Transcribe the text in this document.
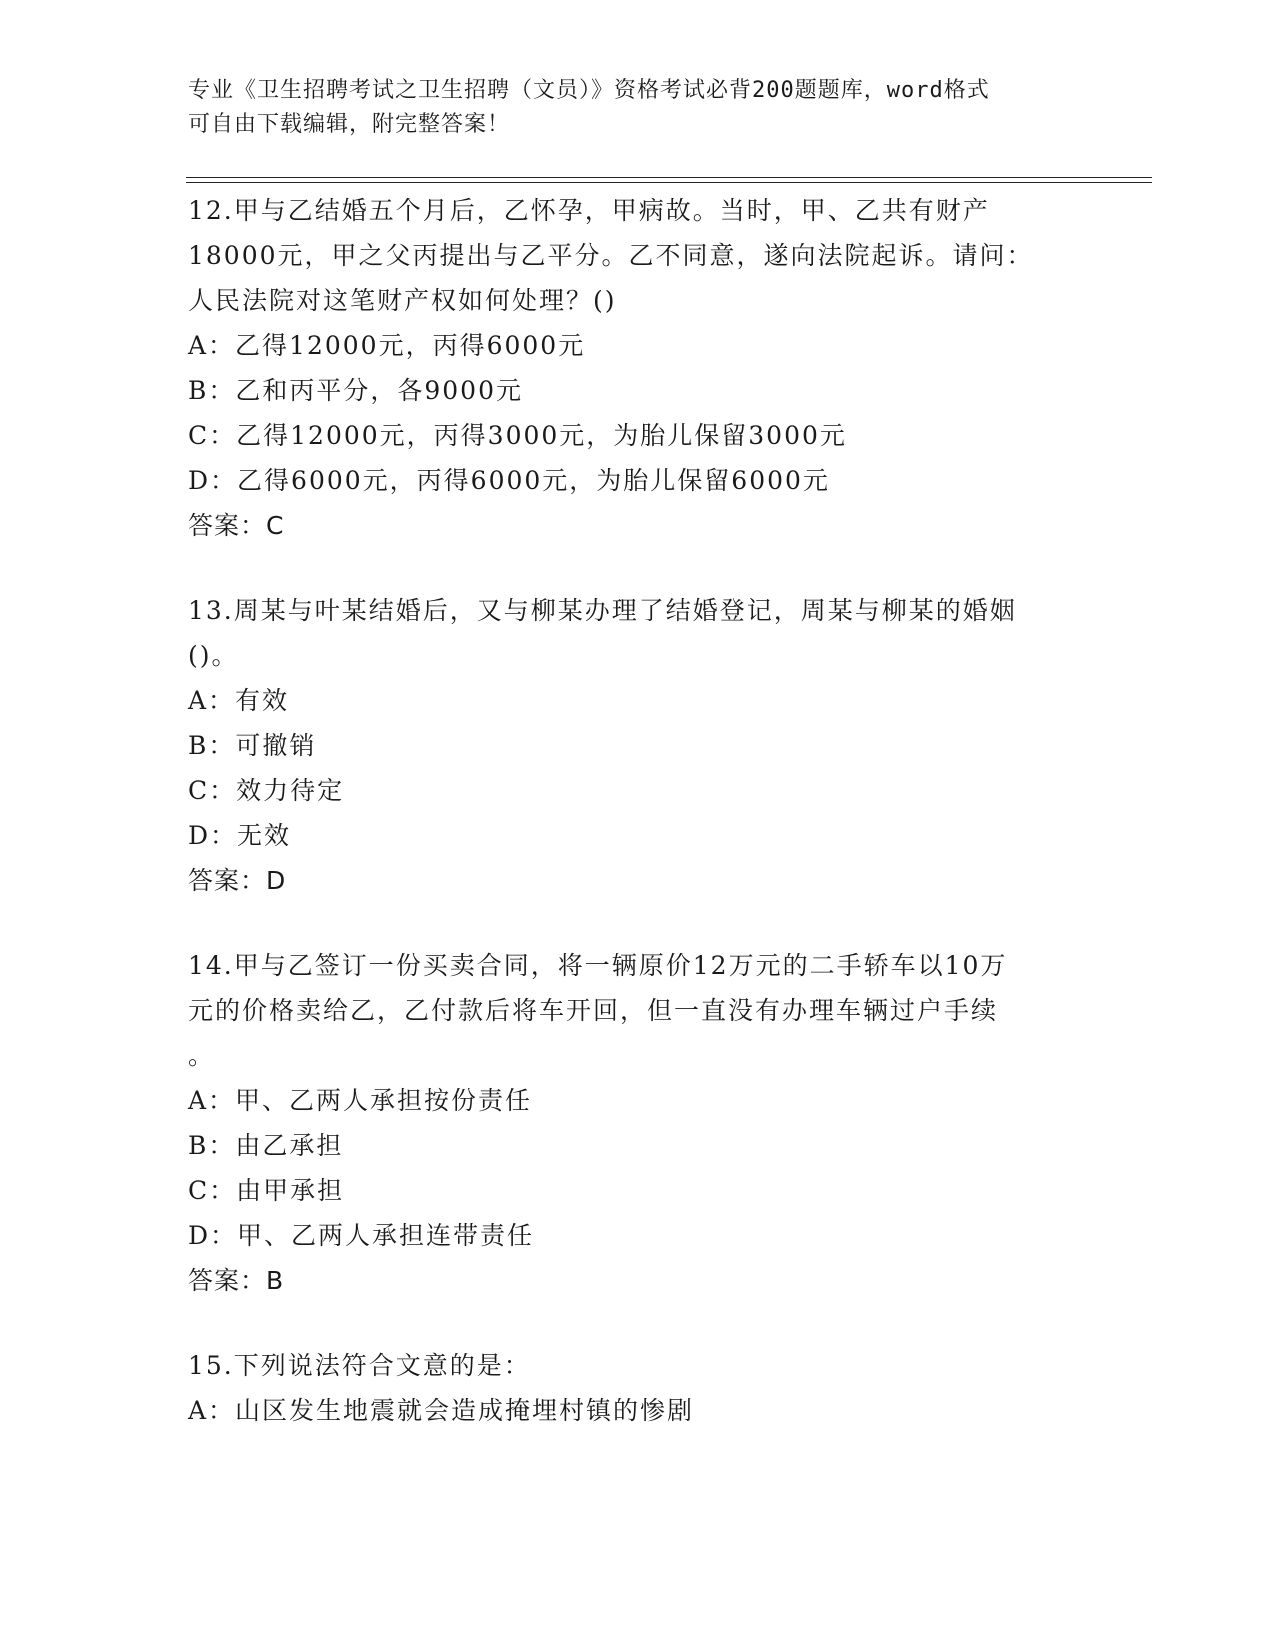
专业《卫生招聘考试之卫生招聘（文员）》资格考试必背200题题库，word格式
可自由下载编辑，附完整答案！

12.甲与乙结婚五个月后，乙怀孕，甲病故。当时，甲、乙共有财产

18000元，甲之父丙提出与乙平分。乙不同意，遂向法院起诉。请问：

人民法院对这笔财产权如何处理？()

A：乙得12000元，丙得6000元

B：乙和丙平分，各9000元

C：乙得12000元，丙得3000元，为胎儿保留3000元

D：乙得6000元，丙得6000元，为胎儿保留6000元

答案：C

13.周某与叶某结婚后，又与柳某办理了结婚登记，周某与柳某的婚姻

()。

A：有效

B：可撤销

C：效力待定

D：无效

答案：D

14.甲与乙签订一份买卖合同，将一辆原价12万元的二手轿车以10万

元的价格卖给乙，乙付款后将车开回，但一直没有办理车辆过户手续

。

A：甲、乙两人承担按份责任

B：由乙承担

C：由甲承担

D：甲、乙两人承担连带责任

答案：B

15.下列说法符合文意的是：

A：山区发生地震就会造成掩埋村镇的惨剧
